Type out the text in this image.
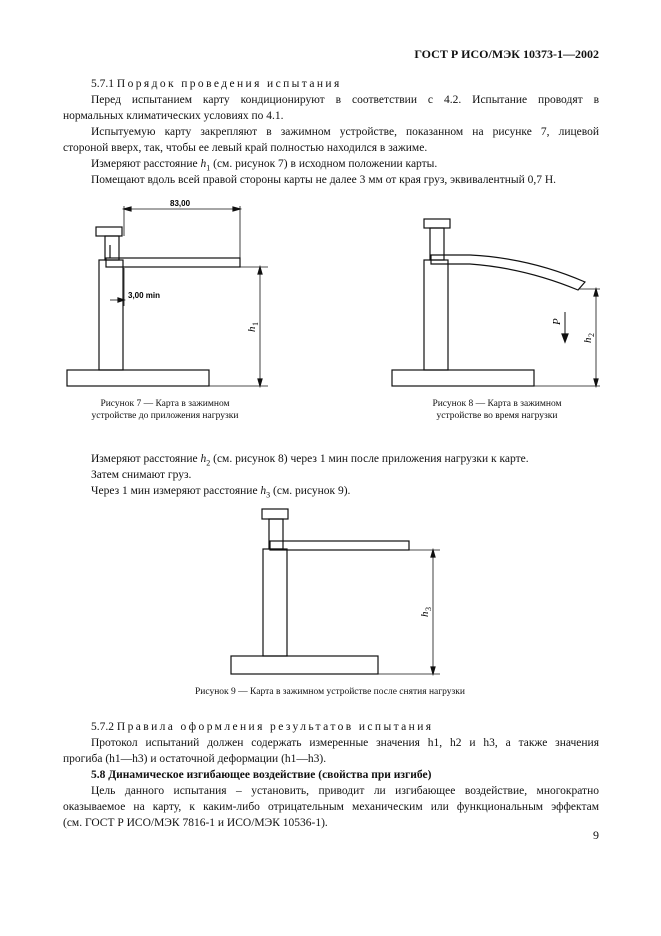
ГОСТ Р ИСО/МЭК 10373-1—2002
5.7.1 Порядок проведения испытания
Перед испытанием карту кондиционируют в соответствии с 4.2. Испытание проводят в
нормальных климатических условиях по 4.1.
Испытуемую карту закрепляют в зажимном устройстве, показанном на рисунке 7, лицевой
стороной вверх, так, чтобы ее левый край полностью находился в зажиме.
Измеряют расстояние $h_1$ (см. рисунок 7) в исходном положении карты.
Помещают вдоль всей правой стороны карты не далее 3 мм от края груз, эквивалентный 0,7 Н.
83,00
3,00 min
h
1
h
2
P
h
3
Рисунок 7 — Карта в зажимном
устройстве до приложения нагрузки
Рисунок 8 — Карта в зажимном
устройстве во время нагрузки
Измеряют расстояние $h_2$ (см. рисунок 8) через 1 мин после приложения нагрузки к карте.
Затем снимают груз.
Через 1 мин измеряют расстояние $h_3$ (см. рисунок 9).
Рисунок 9 — Карта в зажимном устройстве после снятия нагрузки
5.7.2 Правила оформления результатов испытания
Протокол испытаний должен содержать измеренные значения h1, h2 и h3, а также значения
прогиба (h1—h3) и остаточной деформации (h1—h3).
5.8 Динамическое изгибающее воздействие (свойства при изгибе)
Цель данного испытания – установить, приводит ли изгибающее воздействие, многократно
оказываемое на карту, к каким-либо отрицательным механическим или функциональным эффектам
(см. ГОСТ Р ИСО/МЭК 7816-1 и ИСО/МЭК 10536-1).
9
